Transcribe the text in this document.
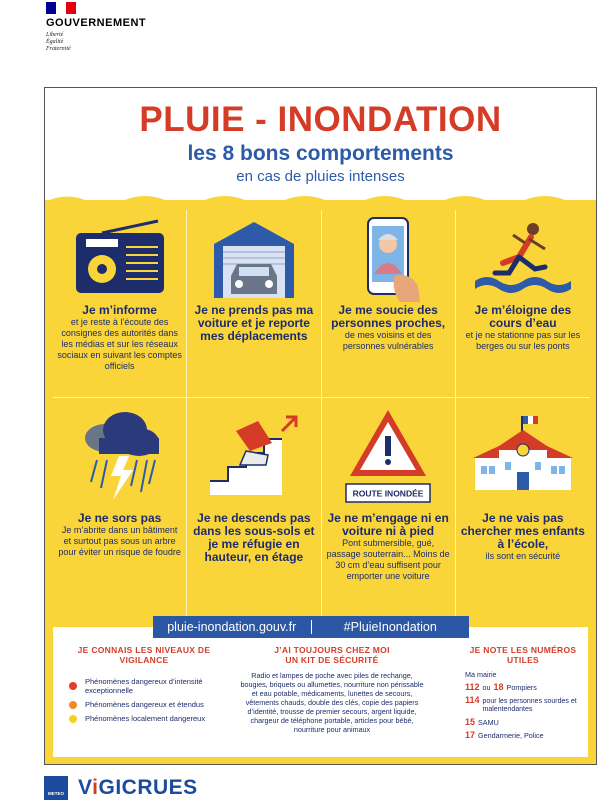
GOUVERNEMENT
Liberté
Égalité
Fraternité
PLUIE - INONDATION
les 8 bons comportements
en cas de pluies intenses
Je m’informe
et je reste à l’écoute des consignes des autorités dans les médias et sur les réseaux sociaux en suivant les comptes officiels
Je ne prends pas ma voiture et je reporte mes déplacements
Je me soucie des personnes proches,
de mes voisins et des personnes vulnérables
Je m’éloigne des cours d’eau
et je ne stationne pas sur les berges ou sur les ponts
Je ne sors pas
Je m’abrite dans un bâtiment et surtout pas sous un arbre pour éviter un risque de foudre
Je ne descends pas dans les sous-sols et je me réfugie en hauteur, en étage
ROUTE INONDÉE
Je ne m’engage ni en voiture ni à pied
Pont submersible, gué, passage souterrain... Moins de 30 cm d’eau suffisent pour emporter une voiture
Je ne vais pas chercher mes enfants à l’école,
ils sont en sécurité
JE CONNAIS LES NIVEAUX DE VIGILANCE
Phénomènes dangereux d’intensité exceptionnelle
Phénomènes dangereux et étendus
Phénomènes localement dangereux
J’AI TOUJOURS CHEZ MOI UN KIT DE SÉCURITÉ

Radio et lampes de poche avec piles de rechange, bougies, briquets ou allumettes, nourriture non périssable et eau potable, médicaments, lunettes de secours, vêtements chauds, double des clés, copie des papiers d’identité, trousse de premier secours, argent liquide, chargeur de téléphone portable, articles pour bébé, nourriture pour animaux

JE NOTE LES NUMÉROS UTILES
Ma mairie
112 ou 18 Pompiers
114 pour les personnes sourdes et malentendantes
15 SAMU
17 Gendarmerie, Police
pluie-inondation.gouv.fr	#PluieInondation
METEO ViGICRUES
